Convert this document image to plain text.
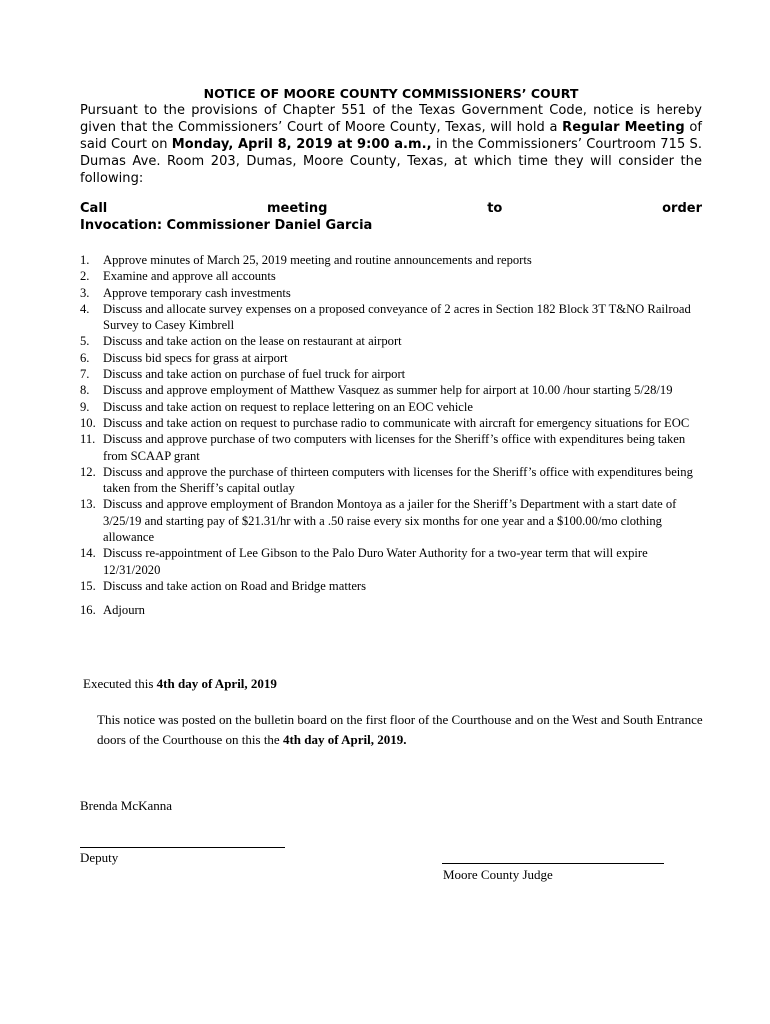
NOTICE OF MOORE COUNTY COMMISSIONERS’ COURT
Pursuant to the provisions of Chapter 551 of the Texas Government Code, notice is hereby given that the Commissioners’ Court of Moore County, Texas, will hold a Regular Meeting of said Court on Monday, April 8, 2019 at 9:00 a.m., in the Commissioners’ Courtroom 715 S. Dumas Ave. Room 203, Dumas, Moore County, Texas, at which time they will consider the following:
Call	meeting	to	order
Invocation: Commissioner Daniel Garcia
1. Approve minutes of March 25, 2019 meeting and routine announcements and reports
2. Examine and approve all accounts
3. Approve temporary cash investments
4. Discuss and allocate survey expenses on a proposed conveyance of 2 acres in Section 182 Block 3T T&NO Railroad Survey to Casey Kimbrell
5. Discuss and take action on the lease on restaurant at airport
6. Discuss bid specs for grass at airport
7. Discuss and take action on purchase of fuel truck for airport
8. Discuss and approve employment of Matthew Vasquez as summer help for airport at 10.00 /hour starting 5/28/19
9. Discuss and take action on request to replace lettering on an EOC vehicle
10. Discuss and take action on request to purchase radio to communicate with aircraft for emergency situations for EOC
11. Discuss and approve purchase of two computers with licenses for the Sheriff’s office with expenditures being taken from SCAAP grant
12. Discuss and approve the purchase of thirteen computers with licenses for the Sheriff’s office with expenditures being taken from the Sheriff’s capital outlay
13. Discuss and approve employment of Brandon Montoya as a jailer for the Sheriff’s Department with a start date of 3/25/19 and starting pay of $21.31/hr with a .50 raise every six months for one year and a $100.00/mo clothing allowance
14. Discuss re-appointment of Lee Gibson to the Palo Duro Water Authority for a two-year term that will expire 12/31/2020
15. Discuss and take action on Road and Bridge matters
16. Adjourn
Executed this 4th day of April, 2019
This notice was posted on the bulletin board on the first floor of the Courthouse and on the West and South Entrance doors of the Courthouse on this the 4th day of April, 2019.
Brenda McKanna
Deputy
Moore County Judge
